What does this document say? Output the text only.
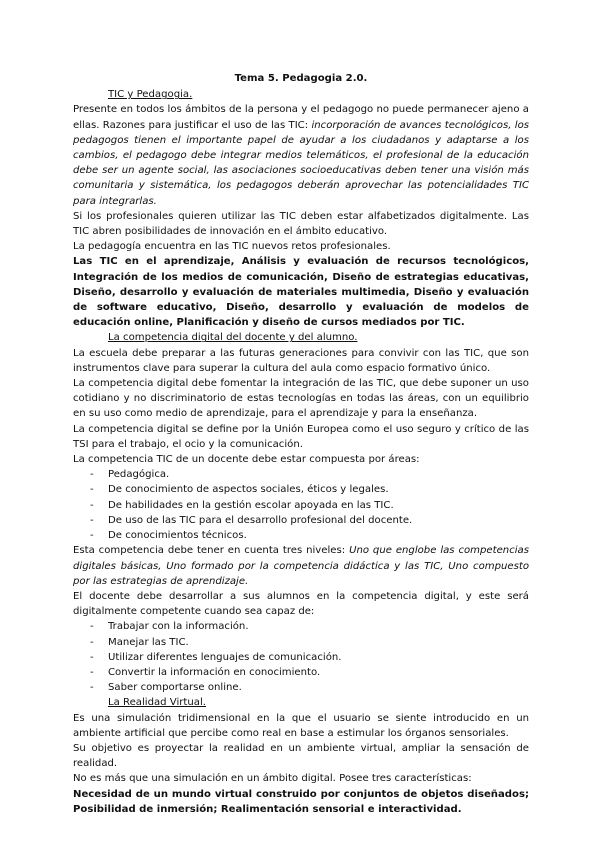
Tema 5. Pedagogia 2.0.

TIC y Pedagogia.

Presente en todos los ámbitos de la persona y el pedagogo no puede permanecer ajeno a ellas. Razones para justificar el uso de las TIC: incorporación de avances tecnológicos, los pedagogos tienen el importante papel de ayudar a los ciudadanos y adaptarse a los cambios, el pedagogo debe integrar medios telemáticos, el profesional de la educación debe ser un agente social, las asociaciones socioeducativas deben tener una visión más comunitaria y sistemática, los pedagogos deberán aprovechar las potencialidades TIC para integrarlas.

Si los profesionales quieren utilizar las TIC deben estar alfabetizados digitalmente. Las TIC abren posibilidades de innovación en el ámbito educativo.

La pedagogía encuentra en las TIC nuevos retos profesionales.

Las TIC en el aprendizaje, Análisis y evaluación de recursos tecnológicos, Integración de los medios de comunicación, Diseño de estrategias educativas, Diseño, desarrollo y evaluación de materiales multimedia, Diseño y evaluación de software educativo, Diseño, desarrollo y evaluación de modelos de educación online, Planificación y diseño de cursos mediados por TIC.

La competencia digital del docente y del alumno.

La escuela debe preparar a las futuras generaciones para convivir con las TIC, que son instrumentos clave para superar la cultura del aula como espacio formativo único.

La competencia digital debe fomentar la integración de las TIC, que debe suponer un uso cotidiano y no discriminatorio de estas tecnologías en todas las áreas, con un equilibrio en su uso como medio de aprendizaje, para el aprendizaje y para la enseñanza.

La competencia digital se define por la Unión Europea como el uso seguro y crítico de las TSI para el trabajo, el ocio y la comunicación.

La competencia TIC de un docente debe estar compuesta por áreas:

- Pedagógica.
- De conocimiento de aspectos sociales, éticos y legales.
- De habilidades en la gestión escolar apoyada en las TIC.
- De uso de las TIC para el desarrollo profesional del docente.
- De conocimientos técnicos.

Esta competencia debe tener en cuenta tres niveles: Uno que englobe las competencias digitales básicas, Uno formado por la competencia didáctica y las TIC, Uno compuesto por las estrategias de aprendizaje.

El docente debe desarrollar a sus alumnos en la competencia digital, y este será digitalmente competente cuando sea capaz de:

- Trabajar con la información.
- Manejar las TIC.
- Utilizar diferentes lenguajes de comunicación.
- Convertir la información en conocimiento.
- Saber comportarse online.

La Realidad Virtual.

Es una simulación tridimensional en la que el usuario se siente introducido en un ambiente artificial que percibe como real en base a estimular los órganos sensoriales.

Su objetivo es proyectar la realidad en un ambiente virtual, ampliar la sensación de realidad.

No es más que una simulación en un ámbito digital. Posee tres características:

Necesidad de un mundo virtual construido por conjuntos de objetos diseñados; Posibilidad de inmersión; Realimentación sensorial e interactividad.
